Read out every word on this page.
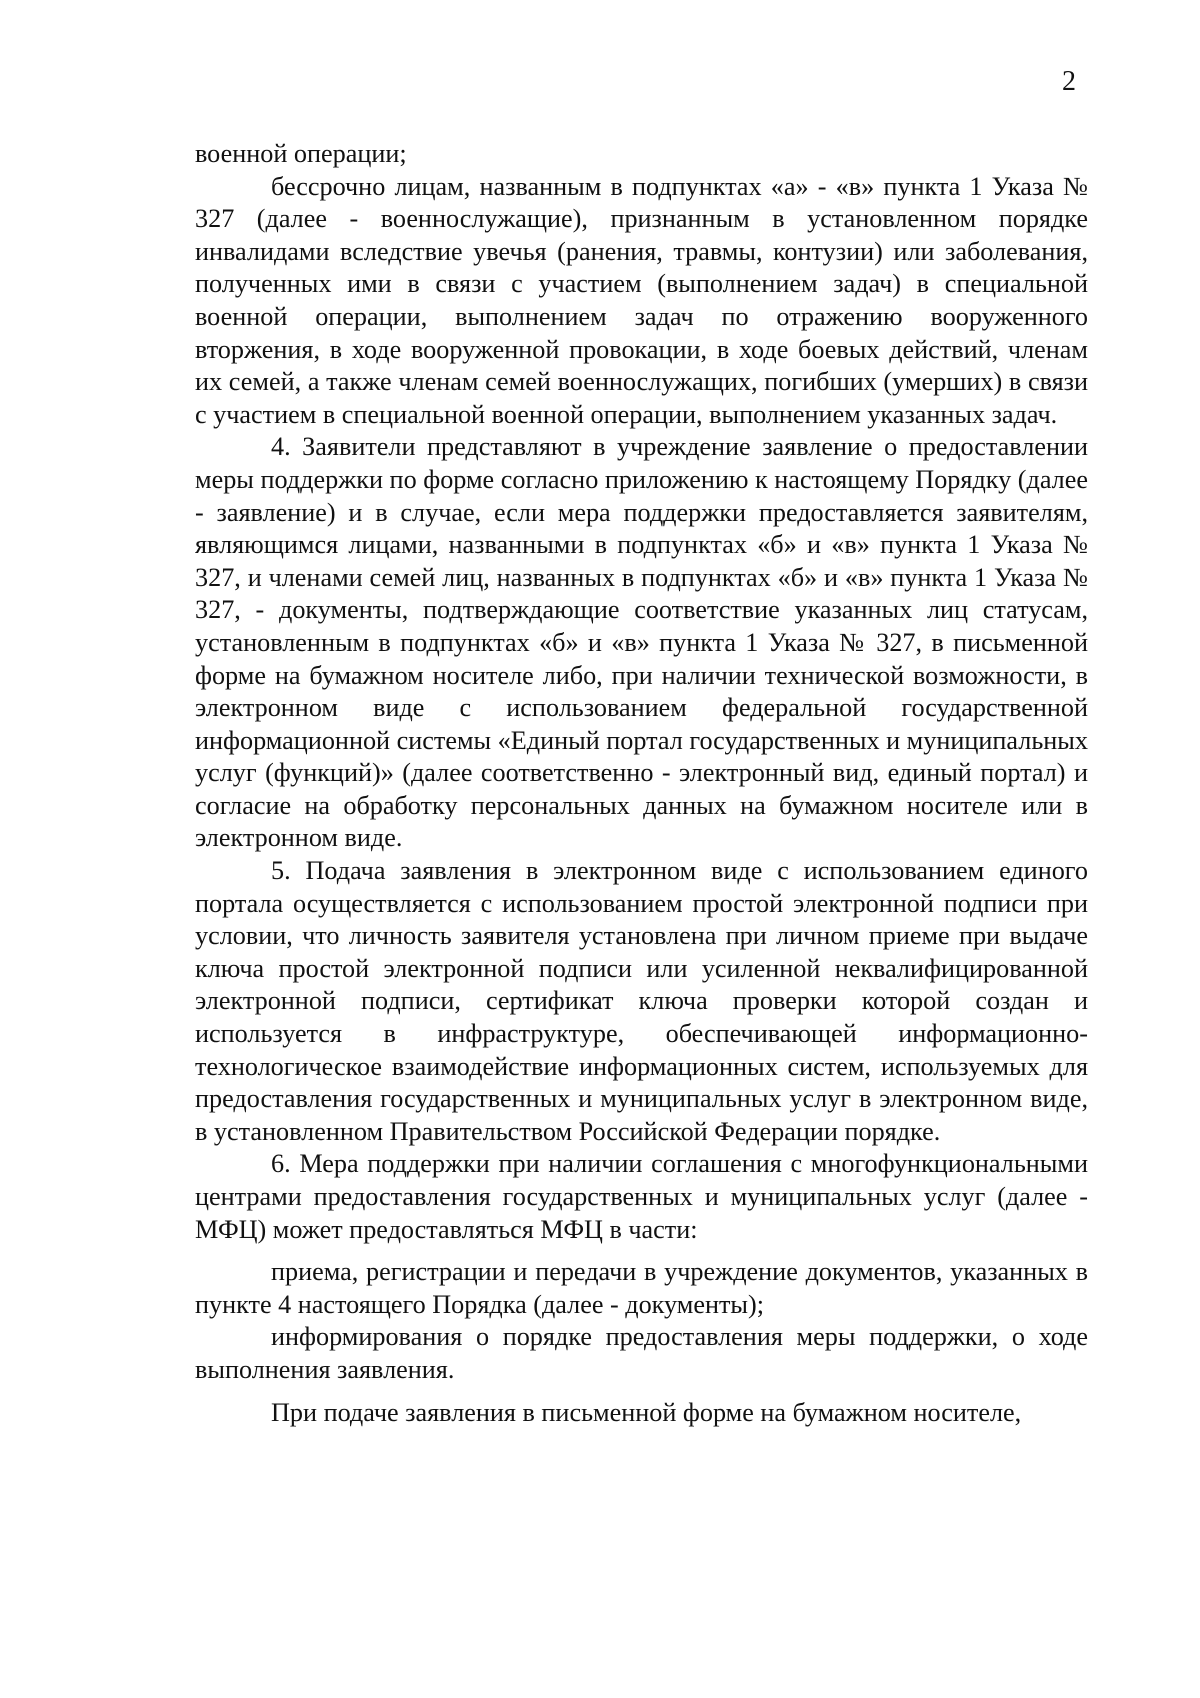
2

военной операции;

бессрочно лицам, названным в подпунктах «а» - «в» пункта 1 Указа № 327 (далее - военнослужащие), признанным в установленном порядке инвалидами вследствие увечья (ранения, травмы, контузии) или заболевания, полученных ими в связи с участием (выполнением задач) в специальной военной операции, выполнением задач по отражению вооруженного вторжения, в ходе вооруженной провокации, в ходе боевых действий, членам их семей, а также членам семей военнослужащих, погибших (умерших) в связи с участием в специальной военной операции, выполнением указанных задач.

4. Заявители представляют в учреждение заявление о предоставлении меры поддержки по форме согласно приложению к настоящему Порядку (далее - заявление) и в случае, если мера поддержки предоставляется заявителям, являющимся лицами, названными в подпунктах «б» и «в» пункта 1 Указа № 327, и членами семей лиц, названных в подпунктах «б» и «в» пункта 1 Указа № 327, - документы, подтверждающие соответствие указанных лиц статусам, установленным в подпунктах «б» и «в» пункта 1 Указа № 327, в письменной форме на бумажном носителе либо, при наличии технической возможности, в электронном виде с использованием федеральной государственной информационной системы «Единый портал государственных и муниципальных услуг (функций)» (далее соответственно - электронный вид, единый портал) и согласие на обработку персональных данных на бумажном носителе или в электронном виде.

5. Подача заявления в электронном виде с использованием единого портала осуществляется с использованием простой электронной подписи при условии, что личность заявителя установлена при личном приеме при выдаче ключа простой электронной подписи или усиленной неквалифицированной электронной подписи, сертификат ключа проверки которой создан и используется в инфраструктуре, обеспечивающей информационно-технологическое взаимодействие информационных систем, используемых для предоставления государственных и муниципальных услуг в электронном виде, в установленном Правительством Российской Федерации порядке.

6. Мера поддержки при наличии соглашения с многофункциональными центрами предоставления государственных и муниципальных услуг (далее - МФЦ) может предоставляться МФЦ в части:

приема, регистрации и передачи в учреждение документов, указанных в пункте 4 настоящего Порядка (далее - документы);

информирования о порядке предоставления меры поддержки, о ходе выполнения заявления.

При подаче заявления в письменной форме на бумажном носителе,
